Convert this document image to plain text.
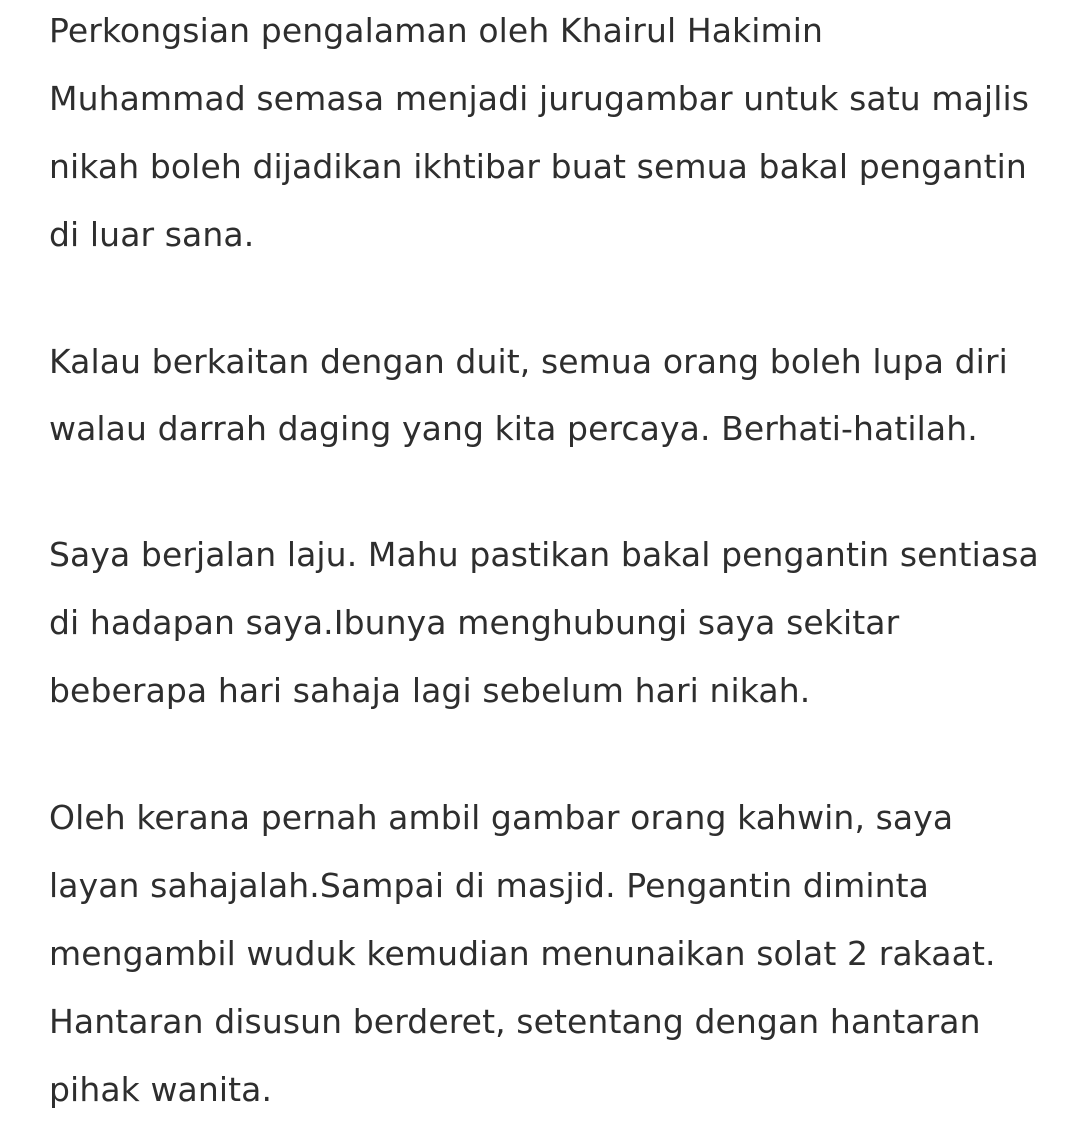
Perkongsian pengalaman oleh Khairul Hakimin
Muhammad semasa menjadi jurugambar untuk satu majlis
nikah boleh dijadikan ikhtibar buat semua bakal pengantin
di luar sana.
Kalau berkaitan dengan duit, semua orang boleh lupa diri
walau darrah daging yang kita percaya. Berhati-hatilah.
Saya berjalan laju. Mahu pastikan bakal pengantin sentiasa
di hadapan saya.Ibunya menghubungi saya sekitar
beberapa hari sahaja lagi sebelum hari nikah.
Oleh kerana pernah ambil gambar orang kahwin, saya
layan sahajalah.Sampai di masjid. Pengantin diminta
mengambil wuduk kemudian menunaikan solat 2 rakaat.
Hantaran disusun berderet, setentang dengan hantaran
pihak wanita.
